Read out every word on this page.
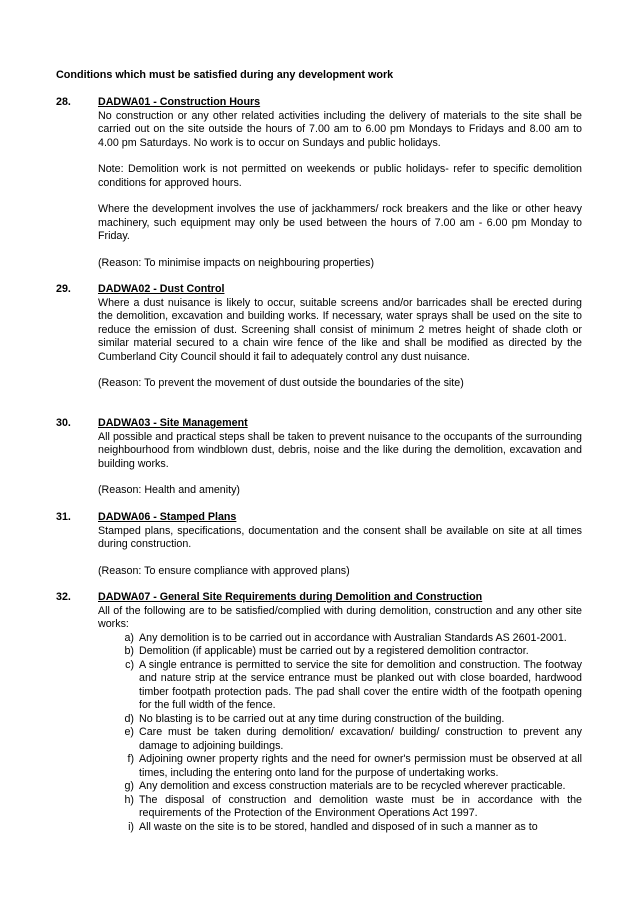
Conditions which must be satisfied during any development work
28.	DADWA01 - Construction Hours

No construction or any other related activities including the delivery of materials to the site shall be carried out on the site outside the hours of 7.00 am to 6.00 pm Mondays to Fridays and 8.00 am to 4.00 pm Saturdays. No work is to occur on Sundays and public holidays.

Note: Demolition work is not permitted on weekends or public holidays- refer to specific demolition conditions for approved hours.

Where the development involves the use of jackhammers/ rock breakers and the like or other heavy machinery, such equipment may only be used between the hours of 7.00 am - 6.00 pm Monday to Friday.

(Reason: To minimise impacts on neighbouring properties)

29.	DADWA02 - Dust Control

Where a dust nuisance is likely to occur, suitable screens and/or barricades shall be erected during the demolition, excavation and building works. If necessary, water sprays shall be used on the site to reduce the emission of dust. Screening shall consist of minimum 2 metres height of shade cloth or similar material secured to a chain wire fence of the like and shall be modified as directed by the Cumberland City Council should it fail to adequately control any dust nuisance.

(Reason: To prevent the movement of dust outside the boundaries of the site)

30.	DADWA03 - Site Management

All possible and practical steps shall be taken to prevent nuisance to the occupants of the surrounding neighbourhood from windblown dust, debris, noise and the like during the demolition, excavation and building works.

(Reason: Health and amenity)

31.	DADWA06 - Stamped Plans

Stamped plans, specifications, documentation and the consent shall be available on site at all times during construction.

(Reason: To ensure compliance with approved plans)

32.	DADWA07 - General Site Requirements during Demolition and Construction

All of the following are to be satisfied/complied with during demolition, construction and any other site works:

a) Any demolition is to be carried out in accordance with Australian Standards AS 2601-2001.
b) Demolition (if applicable) must be carried out by a registered demolition contractor.
c) A single entrance is permitted to service the site for demolition and construction. The footway and nature strip at the service entrance must be planked out with close boarded, hardwood timber footpath protection pads. The pad shall cover the entire width of the footpath opening for the full width of the fence.
d) No blasting is to be carried out at any time during construction of the building.
e) Care must be taken during demolition/ excavation/ building/ construction to prevent any damage to adjoining buildings.
f) Adjoining owner property rights and the need for owner's permission must be observed at all times, including the entering onto land for the purpose of undertaking works.
g) Any demolition and excess construction materials are to be recycled wherever practicable.
h) The disposal of construction and demolition waste must be in accordance with the requirements of the Protection of the Environment Operations Act 1997.
i) All waste on the site is to be stored, handled and disposed of in such a manner as to
